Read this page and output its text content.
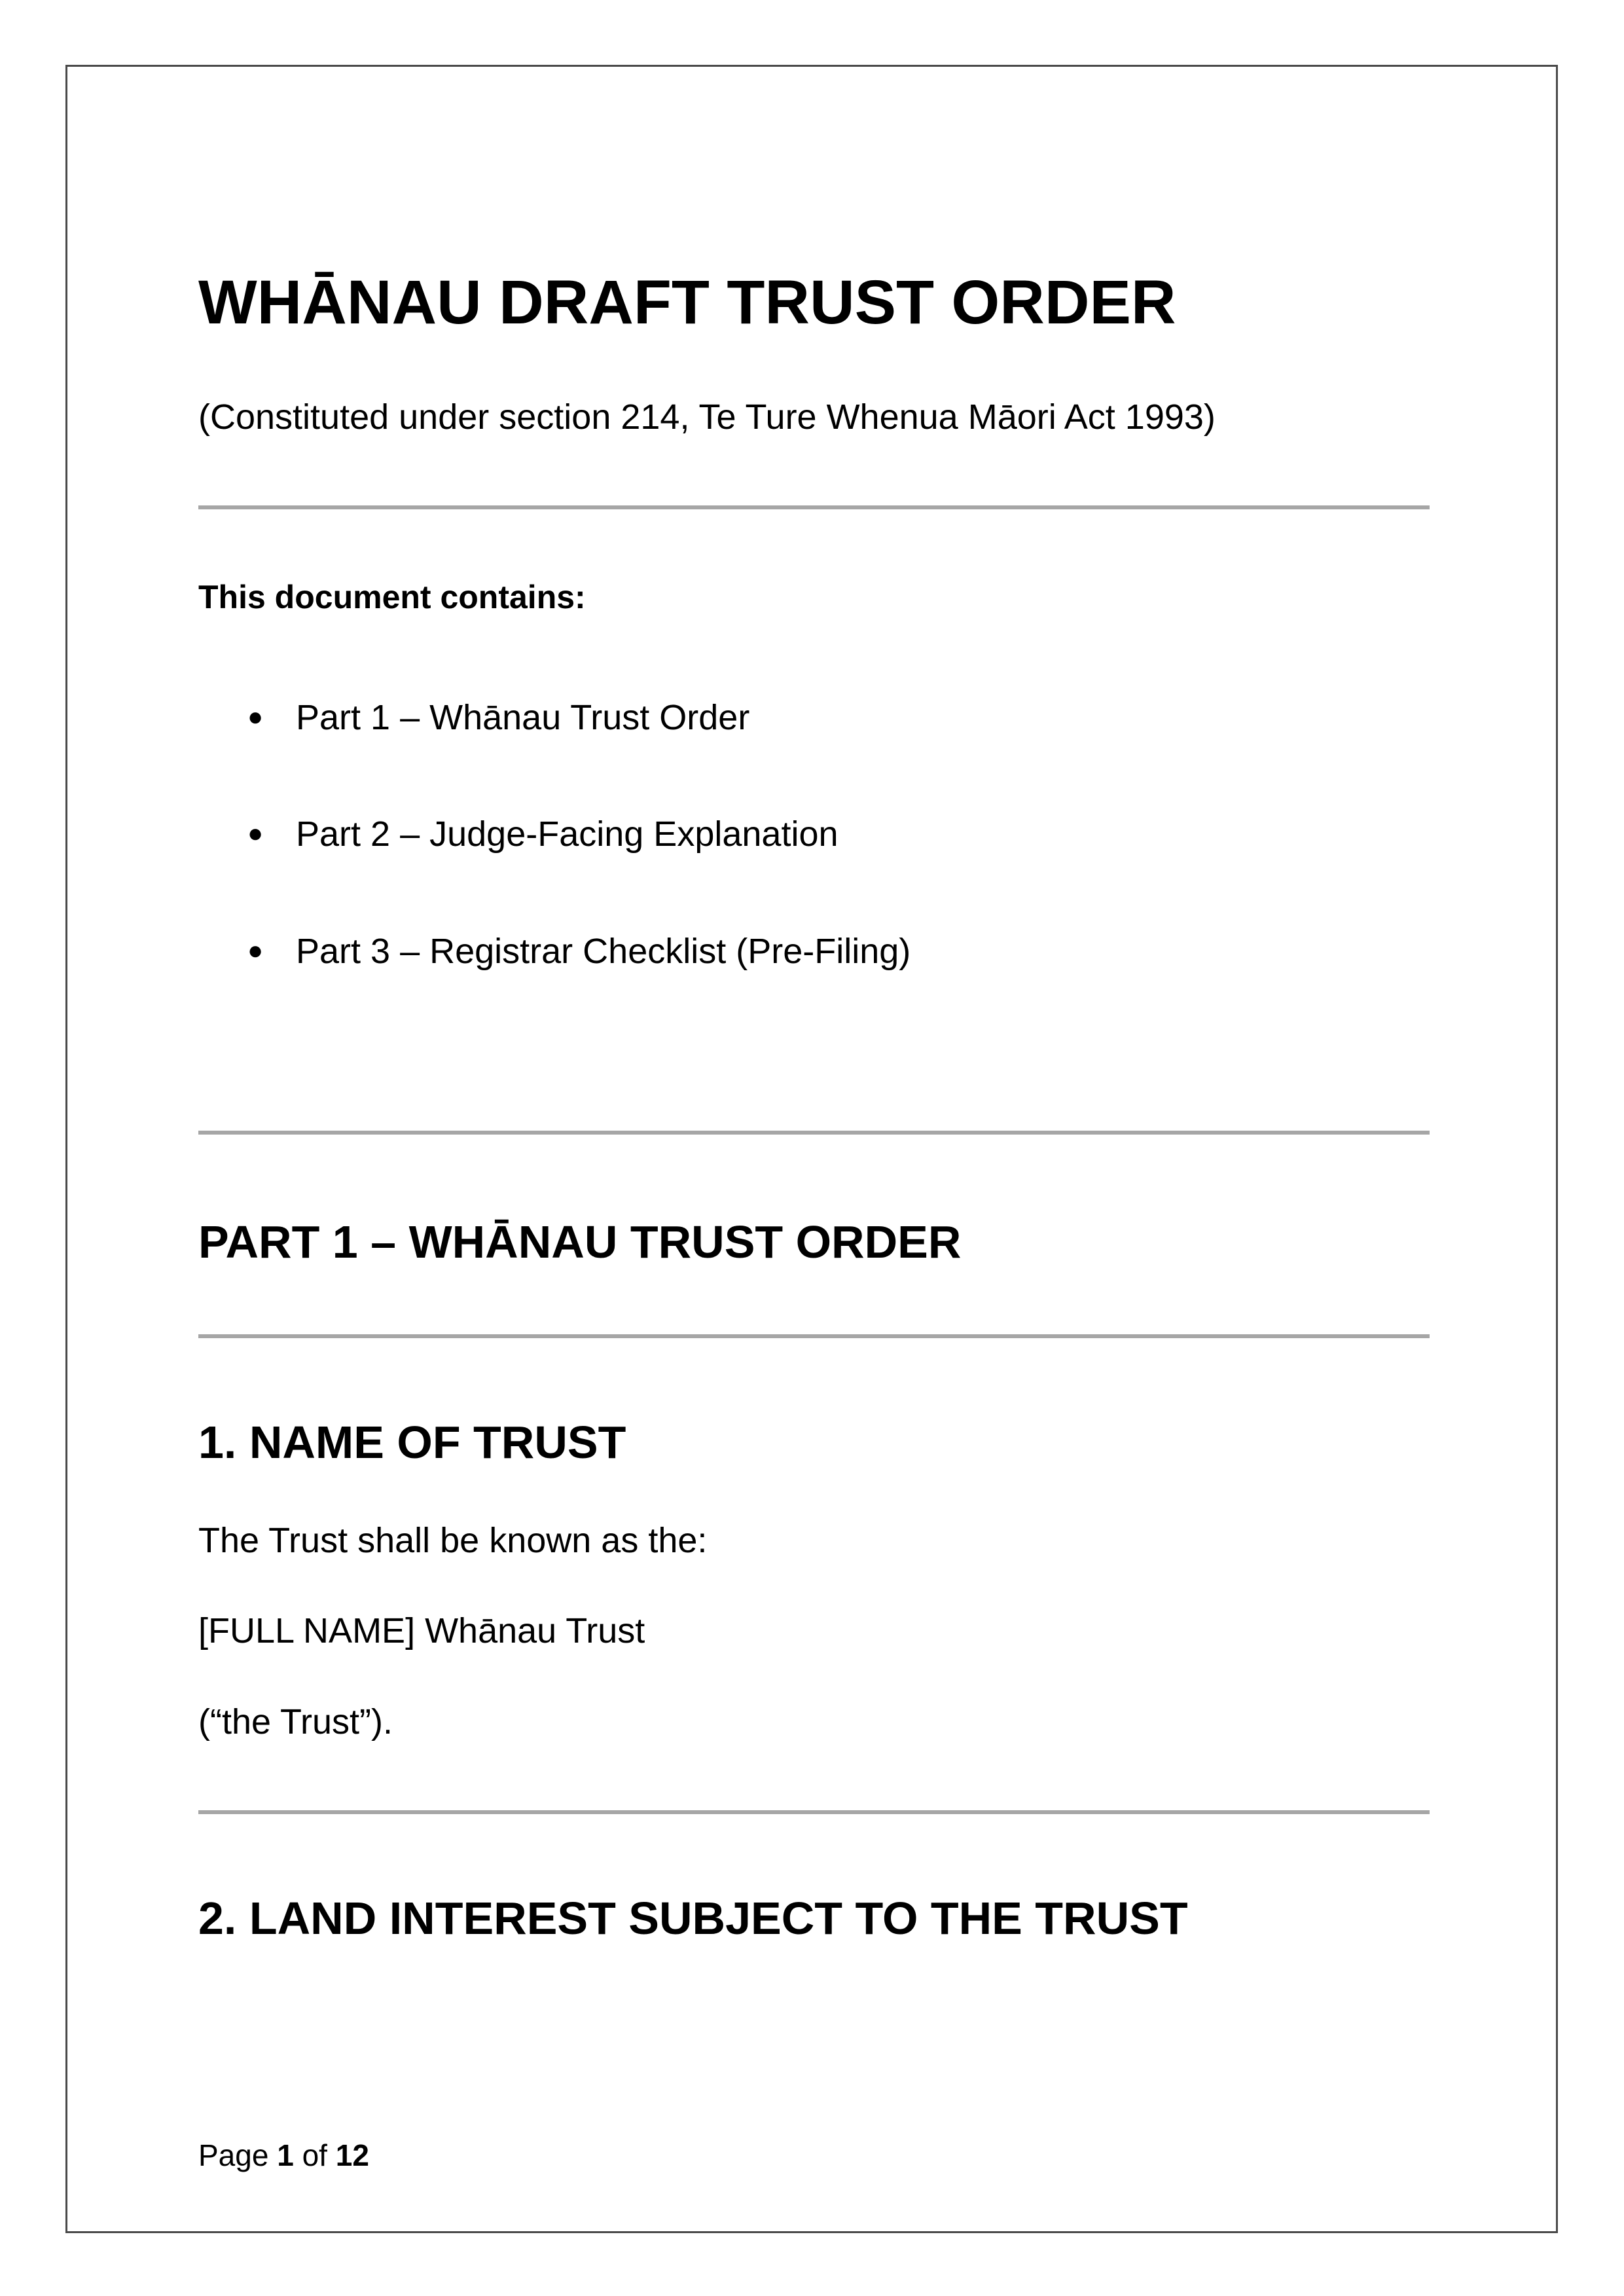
WHĀNAU DRAFT TRUST ORDER

(Constituted under section 214, Te Ture Whenua Māori Act 1993)

This document contains:

● Part 1 – Whānau Trust Order
● Part 2 – Judge-Facing Explanation
● Part 3 – Registrar Checklist (Pre-Filing)
PART 1 – WHĀNAU TRUST ORDER
1. NAME OF TRUST

The Trust shall be known as the:

[FULL NAME] Whānau Trust

(“the Trust”).

2. LAND INTEREST SUBJECT TO THE TRUST

Page 1 of 12
